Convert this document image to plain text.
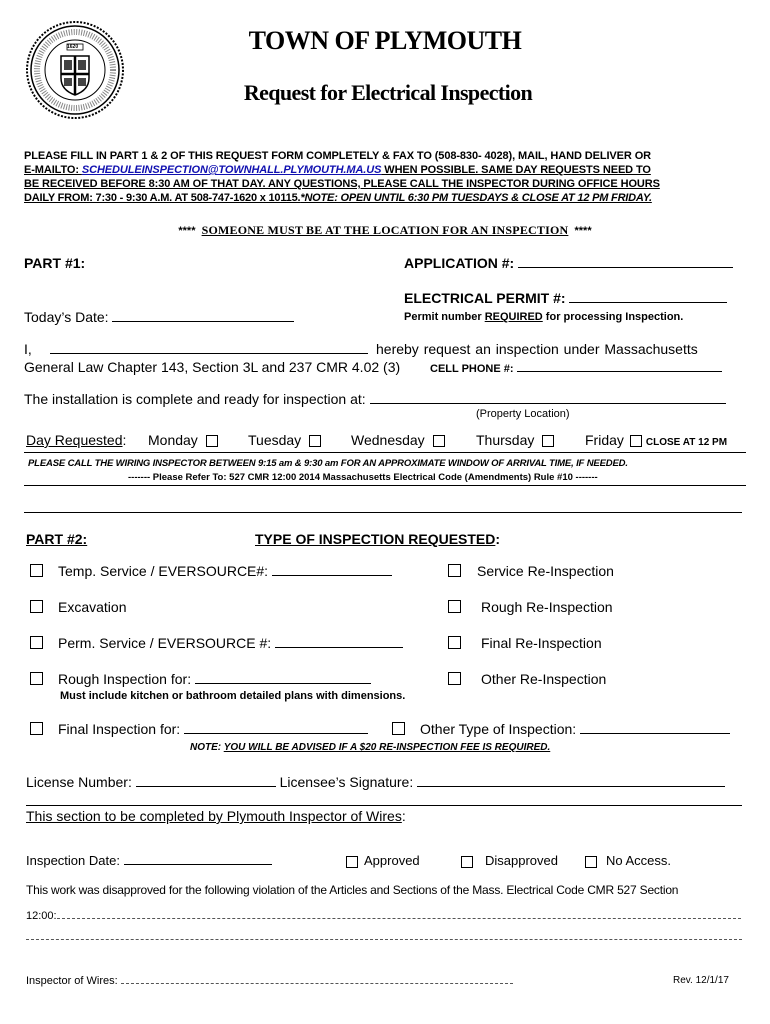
1620	TOWN OF PLYMOUTH
Request for Electrical Inspection
PLEASE FILL IN PART 1 & 2 OF THIS REQUEST FORM COMPLETELY & FAX TO (508-830- 4028), MAIL, HAND DELIVER OR
E-MAILTO: SCHEDULEINSPECTION@TOWNHALL.PLYMOUTH.MA.US WHEN POSSIBLE. SAME DAY REQUESTS NEED TO
BE RECEIVED BEFORE 8:30 AM OF THAT DAY. ANY QUESTIONS, PLEASE CALL THE INSPECTOR DURING OFFICE HOURS
DAILY FROM: 7:30 - 9:30 A.M. AT 508-747-1620 x 10115.*NOTE: OPEN UNTIL 6:30 PM TUESDAYS & CLOSE AT 12 PM FRIDAY.
**** SOMEONE MUST BE AT THE LOCATION FOR AN INSPECTION ****
PART #1:	APPLICATION #:
ELECTRICAL PERMIT #:
Permit number REQUIRED for processing Inspection.
Today’s Date:
I,	hereby request an inspection under Massachusetts
General Law Chapter 143, Section 3L and 237 CMR 4.02 (3)	CELL PHONE #:
The installation is complete and ready for inspection at:
(Property Location)
Day Requested: Monday	Tuesday	Wednesday	Thursday	Friday CLOSE AT 12 PM
PLEASE CALL THE WIRING INSPECTOR BETWEEN 9:15 am & 9:30 am FOR AN APPROXIMATE WINDOW OF ARRIVAL TIME, IF NEEDED.
------- Please Refer To: 527 CMR 12:00 2014 Massachusetts Electrical Code (Amendments) Rule #10 -------
PART #2:	TYPE OF INSPECTION REQUESTED:
Temp. Service / EVERSOURCE#:
Excavation
Perm. Service / EVERSOURCE #:
Rough Inspection for:
Must include kitchen or bathroom detailed plans with dimensions.
Service Re-Inspection
Rough Re-Inspection
Final Re-Inspection
Other Re-Inspection
Final Inspection for:	Other Type of Inspection:
NOTE: YOU WILL BE ADVISED IF A $20 RE-INSPECTION FEE IS REQUIRED.
License Number:	Licensee’s Signature:
This section to be completed by Plymouth Inspector of Wires:
Inspection Date:	Approved	Disapproved	No Access.
This work was disapproved for the following violation of the Articles and Sections of the Mass. Electrical Code CMR 527 Section
12:00:
Inspector of Wires:	Rev. 12/1/17
